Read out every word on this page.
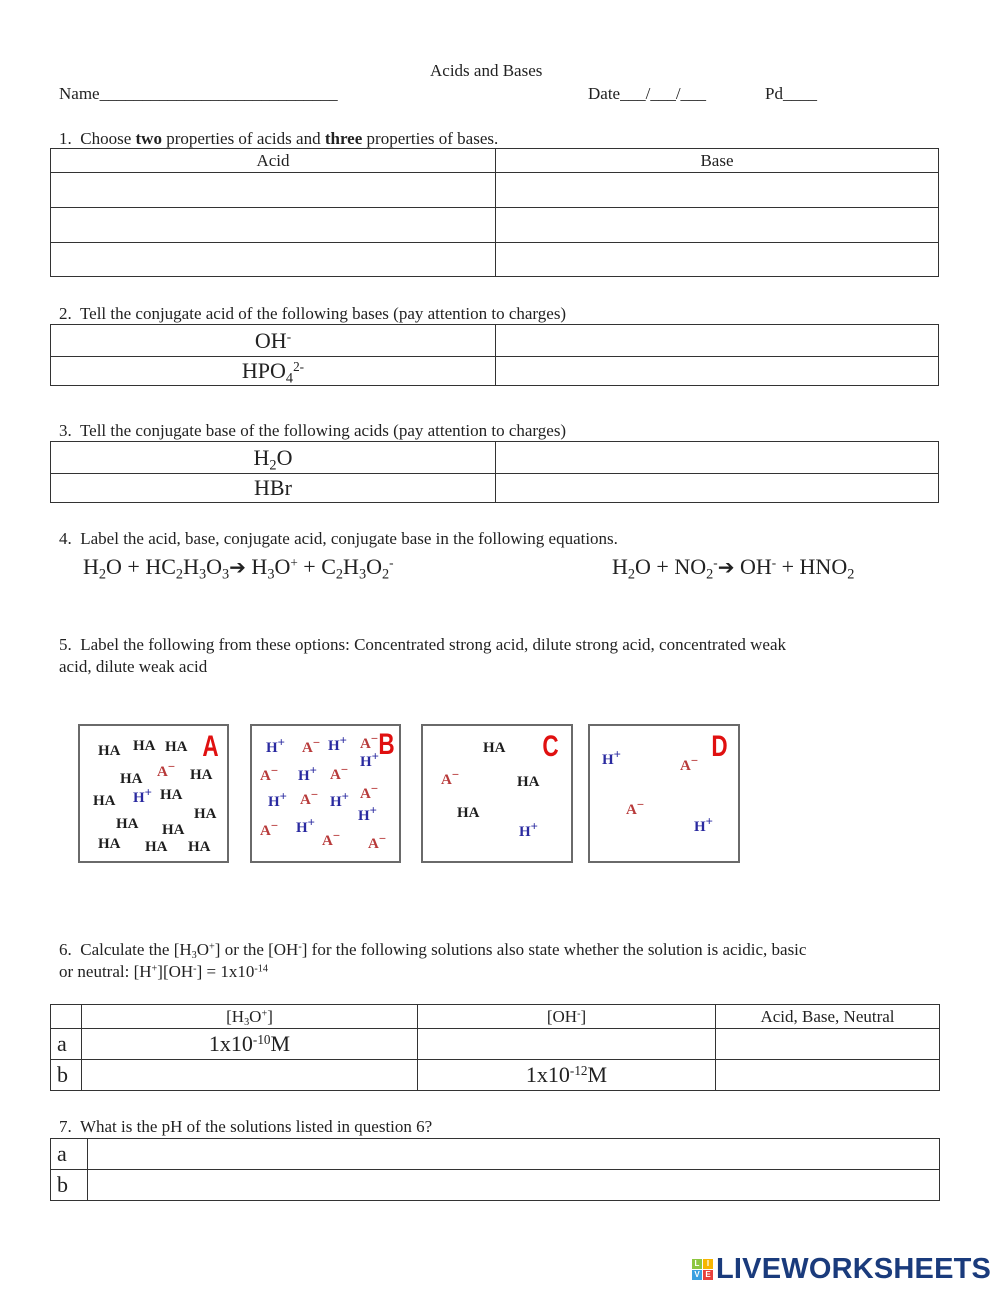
Acids and Bases
Name____________________________	Date___/___/___	Pd____
1. Choose two properties of acids and three properties of bases.
Acid	Base

2. Tell the conjugate acid of the following bases (pay attention to charges)
OH-	
$HPO_4^{2-}$	
3. Tell the conjugate base of the following acids (pay attention to charges)
$H_2O$	
HBr	
4. Label the acid, base, conjugate acid, conjugate base in the following equations.
$H_2O$ + $HC_2H_3O_3➔$ $H_3O^+ + C_2H_3O_2^-$	$H_2O$ + $NO_2^-➔$ $OH^- + HNO_2$
5. Label the following from these options: Concentrated strong acid, dilute strong acid, concentrated weak
acid, dilute weak acid
A
HA HA HA
HA A−
HA
HA H+ HA
HA
HA HA
HA HA HA
B
H+ A− H+ A−
H+
A− H+ A−
A−
H+ A− H+
H+
A− H+
A−
A−
C
HA
A−	HA
HA
H+
D
H+
A−
A−
H+
6. Calculate the $[H_3O^+]$ or the [OH-] for the following solutions also state whether the solution is acidic, basic
or neutral: $[H^+][OH^-] = 1x10^{-14}$
	$[H_3O^+]$	[OH-]	Acid, Base, Neutral
a	$1x10^{-10}M$		
b		$1x10^{-12}M$	
7. What is the pH of the solutions listed in question 6?
a	
b	
L I
V E LIVEWORKSHEETS
